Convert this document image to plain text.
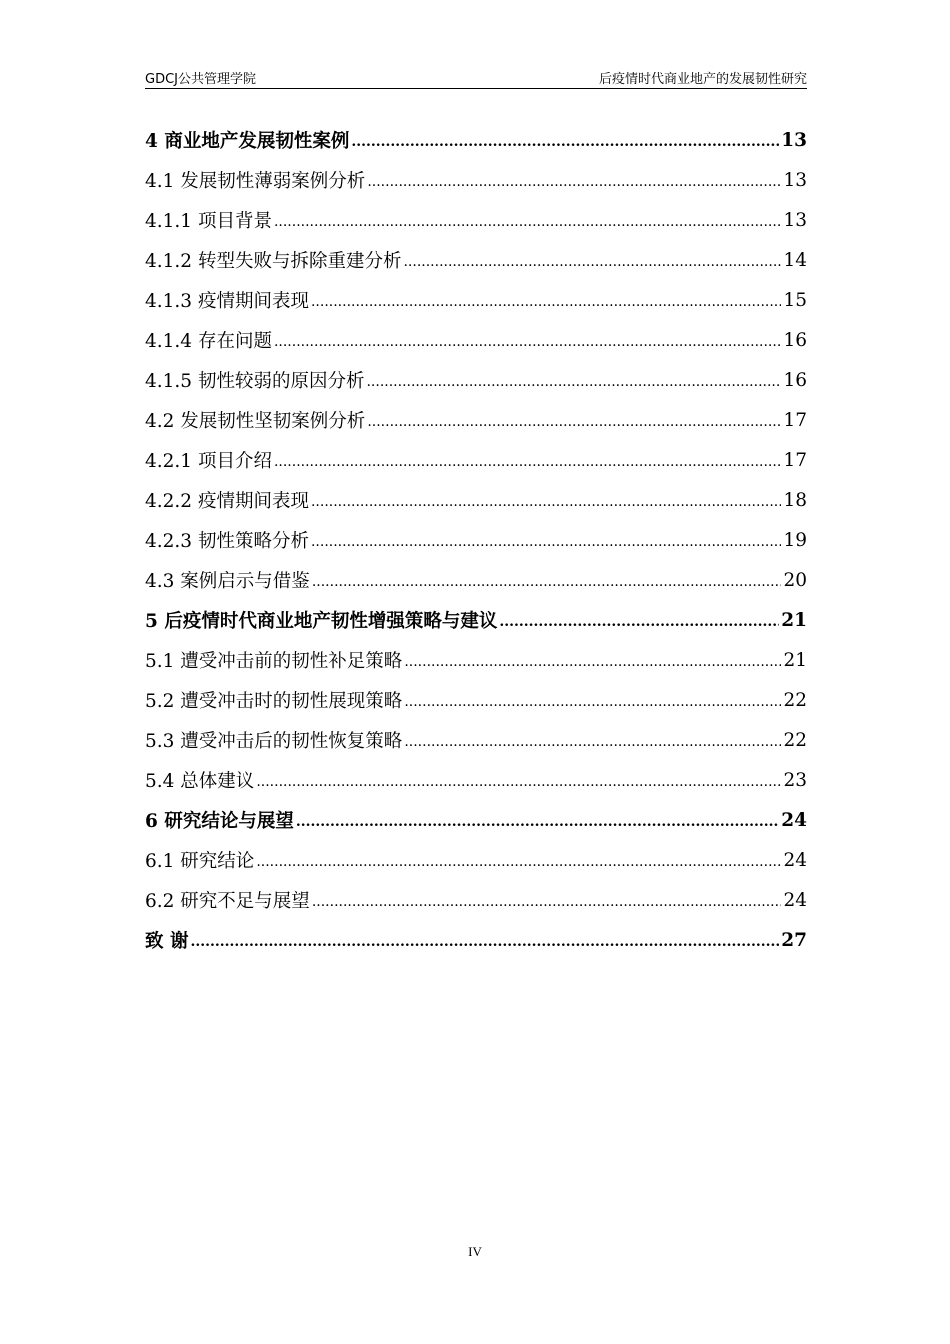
GDCJ公共管理学院	后疫情时代商业地产的发展韧性研究
4 商业地产发展韧性案例 .....	13
4.1 发展韧性薄弱案例分析 .....	13
4.1.1 项目背景 .....	13
4.1.2 转型失败与拆除重建分析 .....	14
4.1.3 疫情期间表现 .....	15
4.1.4 存在问题 .....	16
4.1.5 韧性较弱的原因分析 .....	16
4.2 发展韧性坚韧案例分析 .....	17
4.2.1 项目介绍 .....	17
4.2.2 疫情期间表现 .....	18
4.2.3 韧性策略分析 .....	19
4.3 案例启示与借鉴 .....	20
5 后疫情时代商业地产韧性增强策略与建议 .....	21
5.1 遭受冲击前的韧性补足策略 .....	21
5.2 遭受冲击时的韧性展现策略 .....	22
5.3 遭受冲击后的韧性恢复策略 .....	22
5.4 总体建议 .....	23
6 研究结论与展望 .....	24
6.1 研究结论 .....	24
6.2 研究不足与展望 .....	24
致 谢 .....	27
IV
